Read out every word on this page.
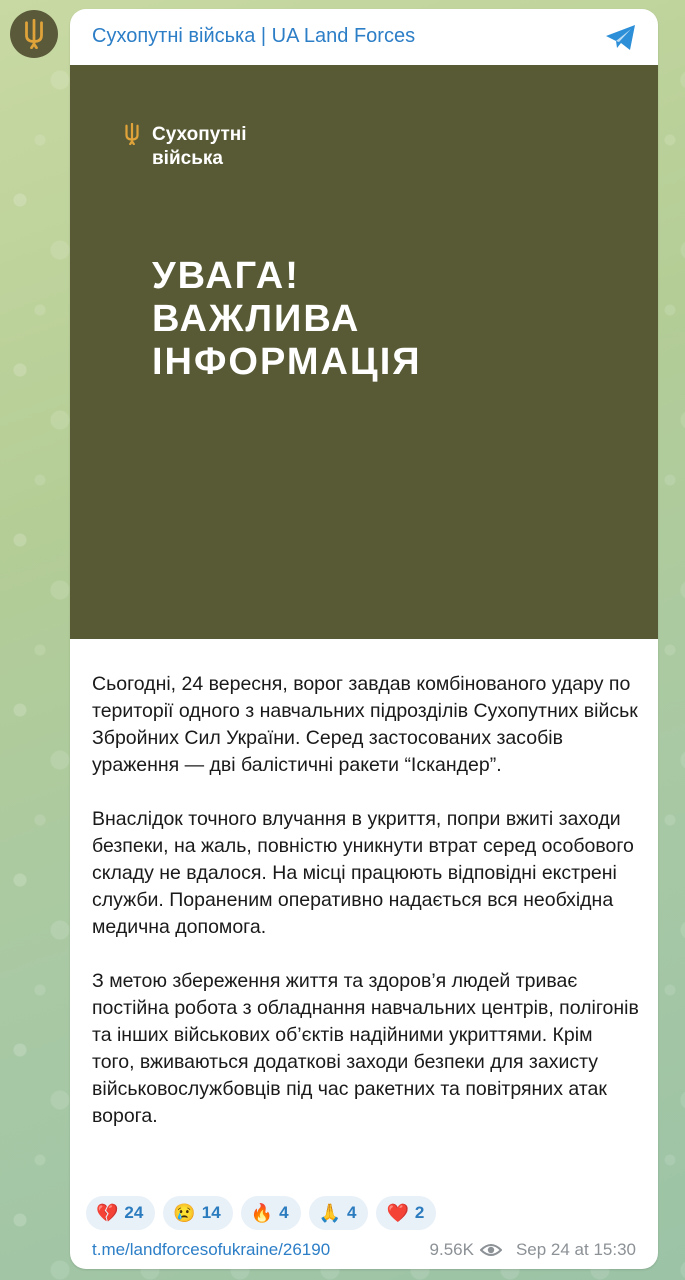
Сухопутні війська | UA Land Forces
Сухопутні
війська
УВАГА!
ВАЖЛИВА
ІНФОРМАЦІЯ

Сьогодні, 24 вересня, ворог завдав комбінованого удару по території одного з навчальних підрозділів Сухопутних військ Збройних Сил України. Серед застосованих засобів ураження — дві балістичні ракети “Іскандер”.

Внаслідок точного влучання в укриття, попри вжиті заходи безпеки, на жаль, повністю уникнути втрат серед особового складу не вдалося. На місці працюють відповідні екстрені служби. Пораненим оперативно надається вся необхідна медична допомога.

З метою збереження життя та здоров’я людей триває постійна робота з обладнання навчальних центрів, полігонів та інших військових об’єктів надійними укриттями. Крім того, вживаються додаткові заходи безпеки для захисту військовослужбовців під час ракетних та повітряних атак ворога.

💔 24 😢 14 🔥 4 🙏 4 ❤️ 2
t.me/landforcesofukraine/26190	9.56K Sep 24 at 15:30
